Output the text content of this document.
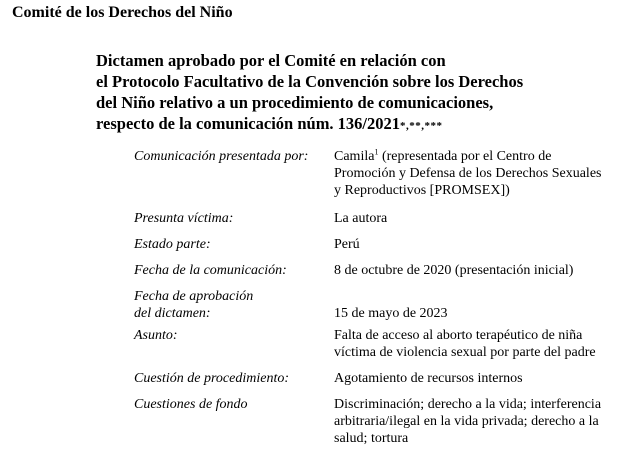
Comité de los Derechos del Niño
Dictamen aprobado por el Comité en relación con
el Protocolo Facultativo de la Convención sobre los Derechos
del Niño relativo a un procedimiento de comunicaciones,
respecto de la comunicación núm. 136/2021*,**,***
Comunicación presentada por:	Camila$^1$ (representada por el Centro de
Promoción y Defensa de los Derechos Sexuales
y Reproductivos [PROMSEX])
Presunta víctima:	La autora
Estado parte:	Perú
Fecha de la comunicación:	8 de octubre de 2020 (presentación inicial)
Fecha de aprobación
del dictamen:	15 de mayo de 2023
Asunto:	Falta de acceso al aborto terapéutico de niña
víctima de violencia sexual por parte del padre
Cuestión de procedimiento:	Agotamiento de recursos internos
Cuestiones de fondo	Discriminación; derecho a la vida; interferencia
arbitraria/ilegal en la vida privada; derecho a la
salud; tortura
